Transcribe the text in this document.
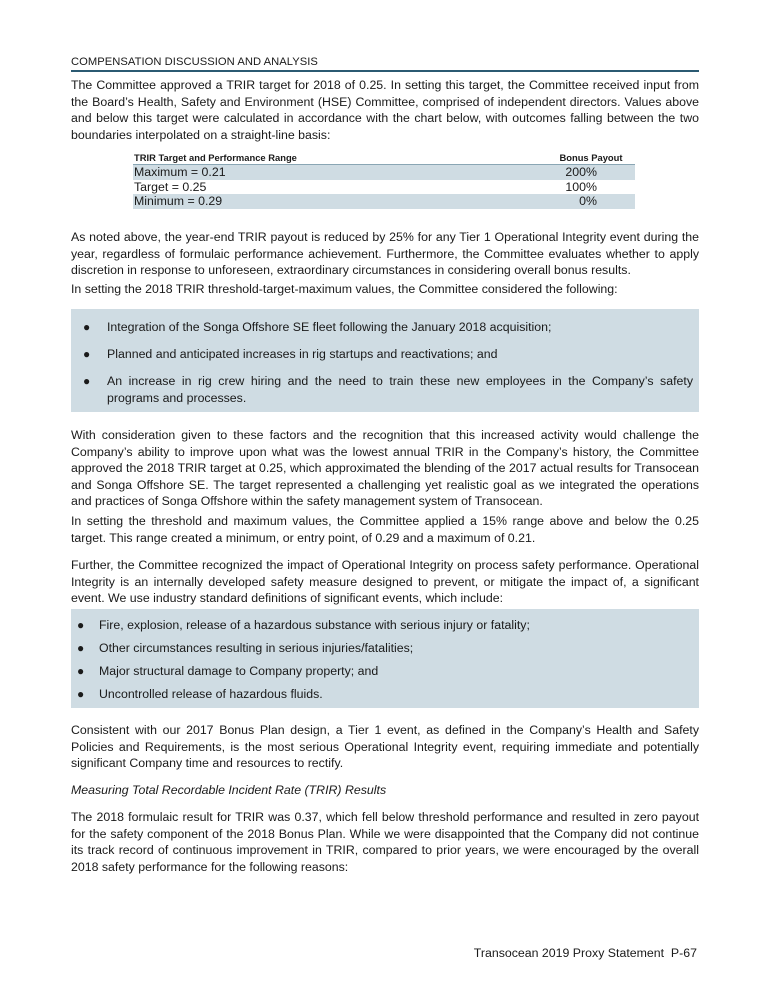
COMPENSATION DISCUSSION AND ANALYSIS

The Committee approved a TRIR target for 2018 of 0.25. In setting this target, the Committee received input from the Board’s Health, Safety and Environment (HSE) Committee, comprised of independent directors. Values above and below this target were calculated in accordance with the chart below, with outcomes falling between the two boundaries interpolated on a straight-line basis:

TRIR Target and Performance Range	Bonus Payout
Maximum = 0.21	200%
Target = 0.25	100%
Minimum = 0.29	0%

As noted above, the year-end TRIR payout is reduced by 25% for any Tier 1 Operational Integrity event during the year, regardless of formulaic performance achievement. Furthermore, the Committee evaluates whether to apply discretion in response to unforeseen, extraordinary circumstances in considering overall bonus results.

In setting the 2018 TRIR threshold-target-maximum values, the Committee considered the following:

● Integration of the Songa Offshore SE fleet following the January 2018 acquisition;
● Planned and anticipated increases in rig startups and reactivations; and
● An increase in rig crew hiring and the need to train these new employees in the Company’s safety programs and processes.

With consideration given to these factors and the recognition that this increased activity would challenge the Company’s ability to improve upon what was the lowest annual TRIR in the Company’s history, the Committee approved the 2018 TRIR target at 0.25, which approximated the blending of the 2017 actual results for Transocean and Songa Offshore SE. The target represented a challenging yet realistic goal as we integrated the operations and practices of Songa Offshore within the safety management system of Transocean.

In setting the threshold and maximum values, the Committee applied a 15% range above and below the 0.25 target. This range created a minimum, or entry point, of 0.29 and a maximum of 0.21.

Further, the Committee recognized the impact of Operational Integrity on process safety performance. Operational Integrity is an internally developed safety measure designed to prevent, or mitigate the impact of, a significant event. We use industry standard definitions of significant events, which include:

● Fire, explosion, release of a hazardous substance with serious injury or fatality;
● Other circumstances resulting in serious injuries/fatalities;
● Major structural damage to Company property; and
● Uncontrolled release of hazardous fluids.

Consistent with our 2017 Bonus Plan design, a Tier 1 event, as defined in the Company’s Health and Safety Policies and Requirements, is the most serious Operational Integrity event, requiring immediate and potentially significant Company time and resources to rectify.

Measuring Total Recordable Incident Rate (TRIR) Results

The 2018 formulaic result for TRIR was 0.37, which fell below threshold performance and resulted in zero payout for the safety component of the 2018 Bonus Plan. While we were disappointed that the Company did not continue its track record of continuous improvement in TRIR, compared to prior years, we were encouraged by the overall 2018 safety performance for the following reasons:

Transocean 2019 Proxy Statement  P-67
